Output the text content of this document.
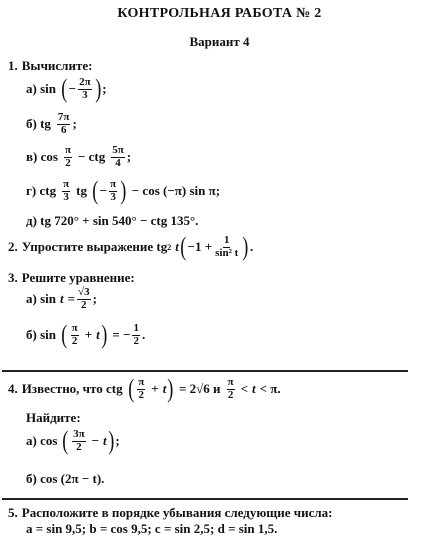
КОНТРОЛЬНАЯ РАБОТА № 2
Вариант 4
1. Вычислите:
а) sin ( − $\frac{2\pi}{3}$ ) ;
б) tg $\frac{7\pi}{6}$ ;
в) $\cos \frac{\pi}{2}$ − ctg $\frac{5\pi}{4}$ ;
г) ctg $\frac{\pi}{3}$ tg ( − $\frac{\pi}{3}$ ) − cos (−π) sin π;
д) tg 720° + sin 540° − ctg 135°.
2. Упростите выражение tg 2 t ( $-1 + \frac{1}{\text{sin² t}}$ ) .
3. Решите уравнение:
а) $\sin t = \frac{√3}{2}$ ;
б) sin ( $\frac{\pi}{2} + t$ ) = − $\frac{1}{2}$ .
4. Известно, что ctg ( $\frac{\pi}{2} + t$ ) = 2√6 и $\frac{\pi}{2} < t < \pi$.
Найдите:
а) cos ( $\frac{3\pi}{2} - t$ ) ;
б) cos (2π − t).
5. Расположите в порядке убывания следующие числа:
a = sin 9,5; b = cos 9,5; c = sin 2,5; d = sin 1,5.
